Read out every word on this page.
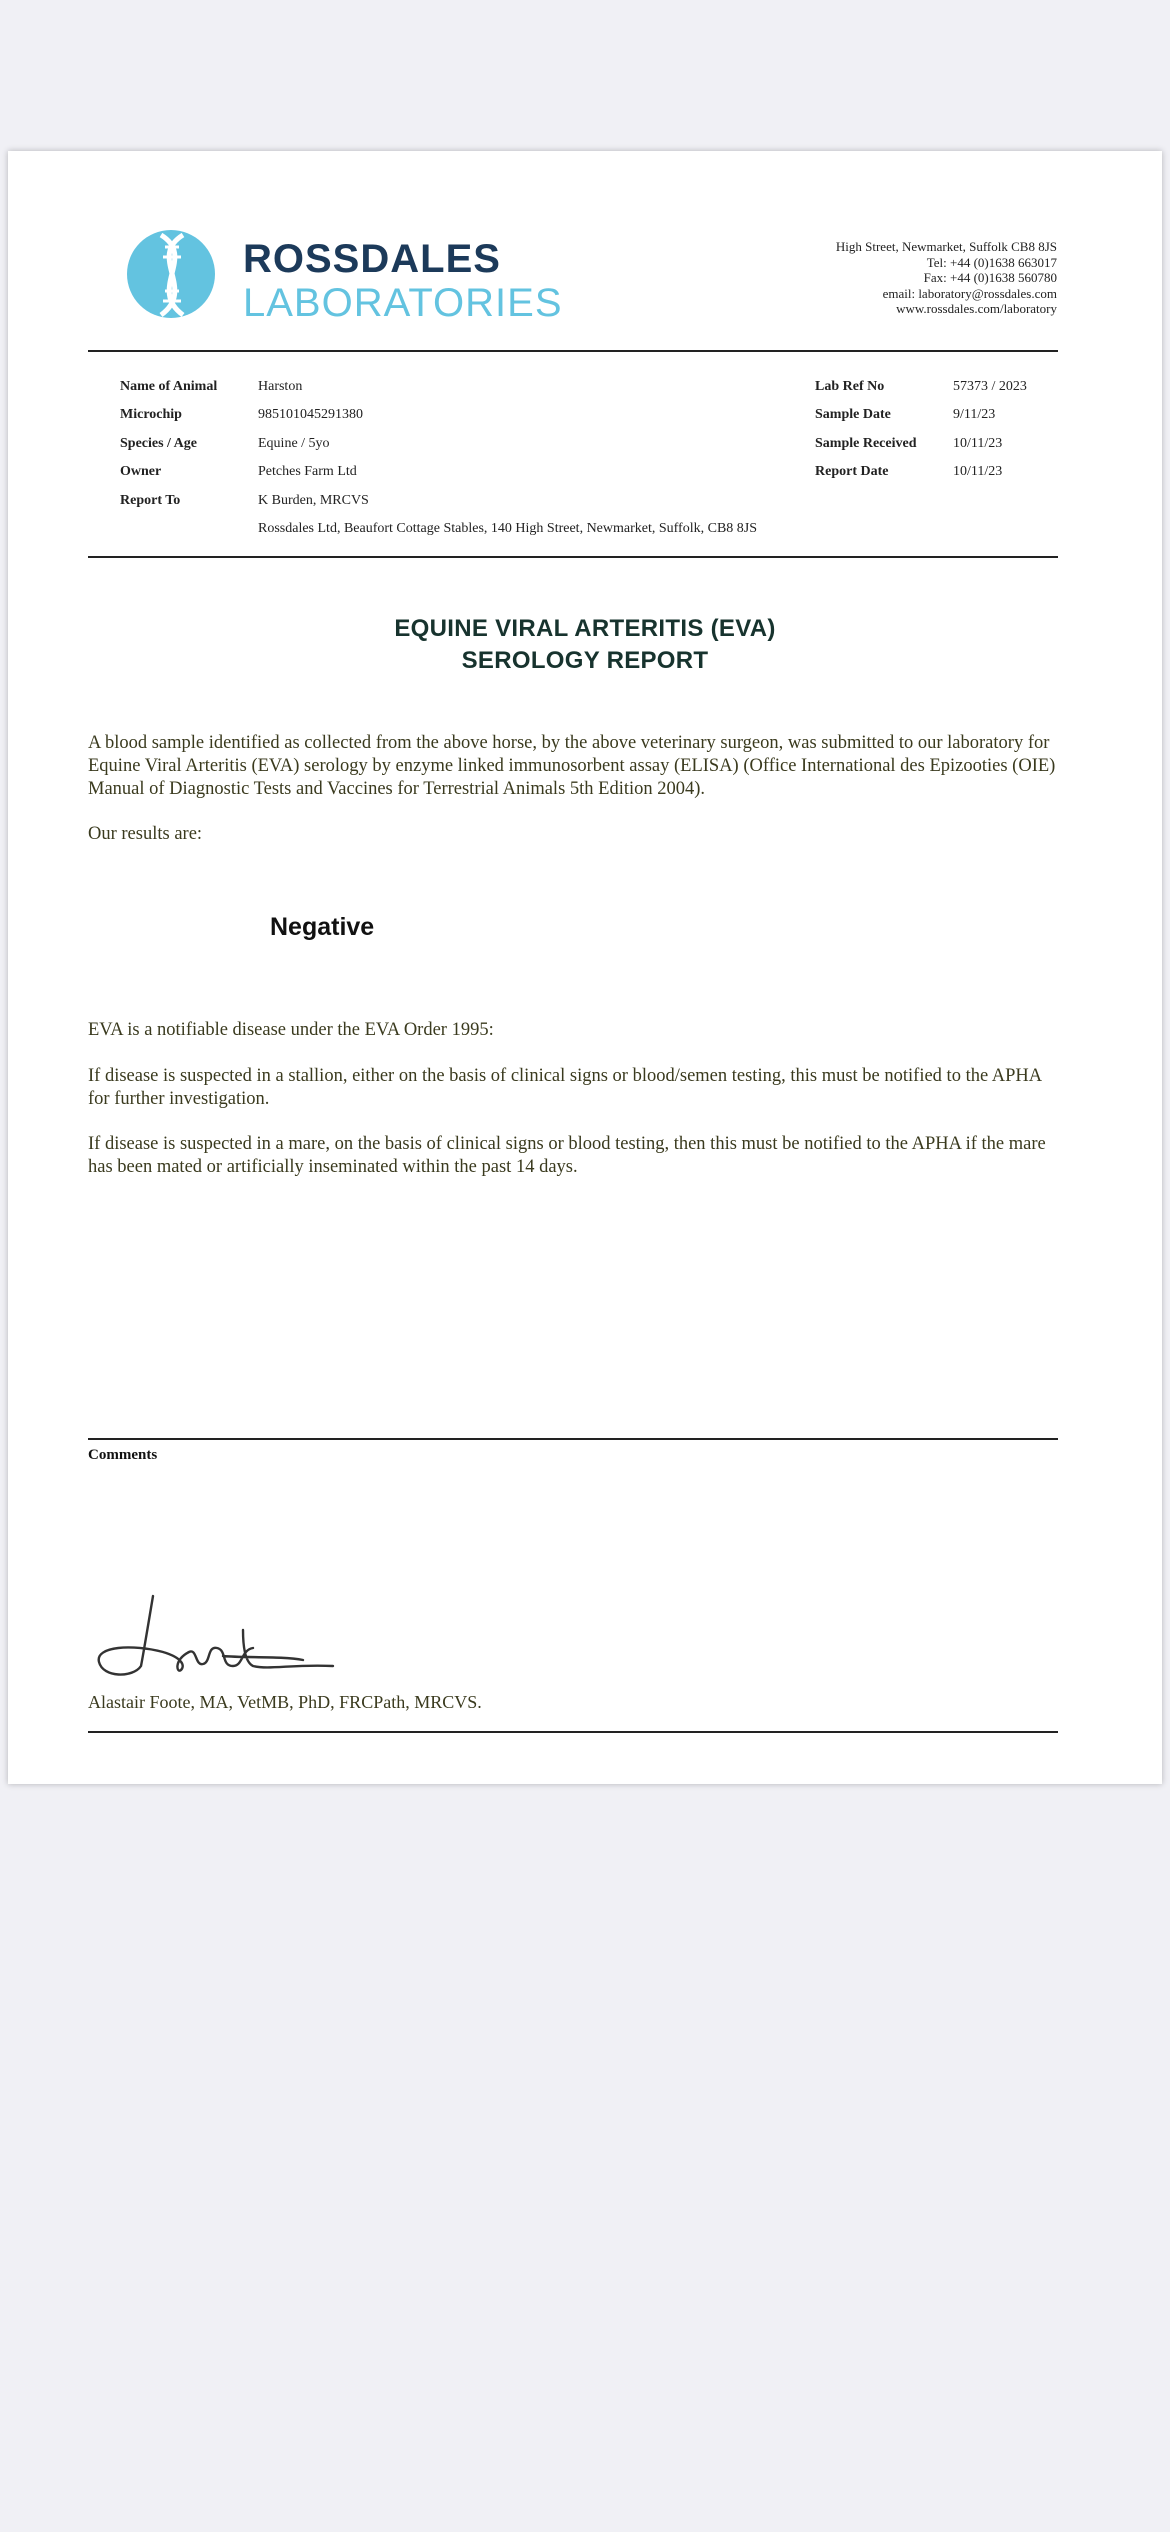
ROSSDALES
LABORATORIES
High Street, Newmarket, Suffolk CB8 8JS
Tel: +44 (0)1638 663017
Fax: +44 (0)1638 560780
email: laboratory@rossdales.com
www.rossdales.com/laboratory
Name of Animal	Harston
Microchip	985101045291380
Species / Age	Equine / 5yo
Owner	Petches Farm Ltd
Report To	K Burden, MRCVS
Rossdales Ltd, Beaufort Cottage Stables, 140 High Street, Newmarket, Suffolk, CB8 8JS
Lab Ref No	57373 / 2023
Sample Date	9/11/23
Sample Received	10/11/23
Report Date	10/11/23
EQUINE VIRAL ARTERITIS (EVA)
SEROLOGY REPORT
A blood sample identified as collected from the above horse, by the above veterinary surgeon, was submitted to our laboratory for Equine Viral Arteritis (EVA) serology by enzyme linked immunosorbent assay (ELISA) (Office International des Epizooties (OIE) Manual of Diagnostic Tests and Vaccines for Terrestrial Animals 5th Edition 2004).
Our results are:
Negative
EVA is a notifiable disease under the EVA Order 1995:
If disease is suspected in a stallion, either on the basis of clinical signs or blood/semen testing, this must be notified to the APHA for further investigation.
If disease is suspected in a mare, on the basis of clinical signs or blood testing, then this must be notified to the APHA if the mare has been mated or artificially inseminated within the past 14 days.
Comments
Alastair Foote, MA, VetMB, PhD, FRCPath, MRCVS.
